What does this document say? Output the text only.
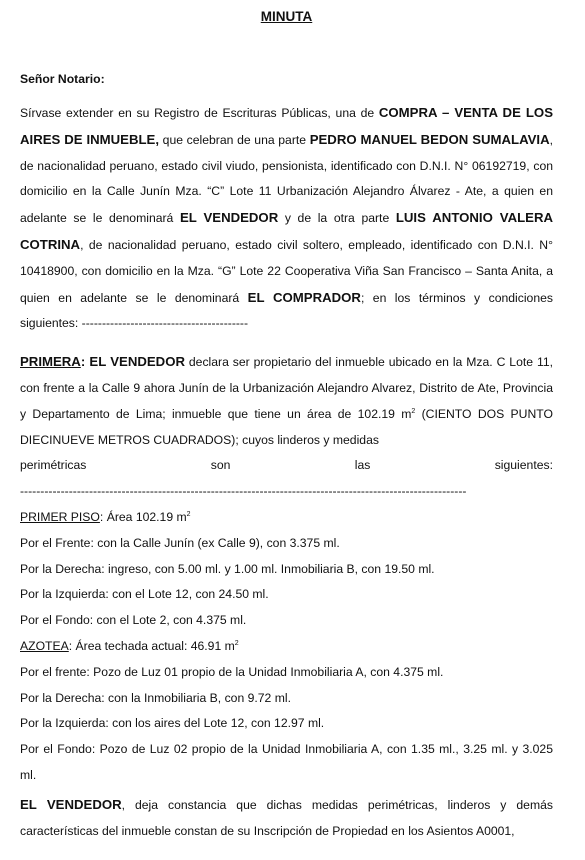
MINUTA
Señor Notario:

Sírvase extender en su Registro de Escrituras Públicas, una de COMPRA – VENTA DE LOS AIRES DE INMUEBLE, que celebran de una parte PEDRO MANUEL BEDON SUMALAVIA, de nacionalidad peruano, estado civil viudo, pensionista, identificado con D.N.I. N° 06192719, con domicilio en la Calle Junín Mza. “C” Lote 11 Urbanización Alejandro Álvarez - Ate, a quien en adelante se le denominará EL VENDEDOR y de la otra parte LUIS ANTONIO VALERA COTRINA, de nacionalidad peruano, estado civil soltero, empleado, identificado con D.N.I. N° 10418900, con domicilio en la Mza. “G” Lote 22 Cooperativa Viña San Francisco – Santa Anita, a quien en adelante se le denominará EL COMPRADOR; en los términos y condiciones siguientes: -----------------------------------------

PRIMERA: EL VENDEDOR declara ser propietario del inmueble ubicado en la Mza. C Lote 11, con frente a la Calle 9 ahora Junín de la Urbanización Alejandro Alvarez, Distrito de Ate, Provincia y Departamento de Lima; inmueble que tiene un área de 102.19 $m^2$ (CIENTO DOS PUNTO DIECINUEVE METROS CUADRADOS); cuyos linderos y medidas

perimétricas	son	las	siguientes:
--------------------------------------------------------------------------------------------------------------

PRIMER PISO: Área 102.19 $m^2$

Por el Frente: con la Calle Junín (ex Calle 9), con 3.375 ml.

Por la Derecha: ingreso, con 5.00 ml. y 1.00 ml. Inmobiliaria B, con 19.50 ml.

Por la Izquierda: con el Lote 12, con 24.50 ml.

Por el Fondo: con el Lote 2, con 4.375 ml.

AZOTEA: Área techada actual: 46.91 $m^2$

Por el frente: Pozo de Luz 01 propio de la Unidad Inmobiliaria A, con 4.375 ml.

Por la Derecha: con la Inmobiliaria B, con 9.72 ml.

Por la Izquierda: con los aires del Lote 12, con 12.97 ml.

Por el Fondo: Pozo de Luz 02 propio de la Unidad Inmobiliaria A, con 1.35 ml., 3.25 ml. y 3.025 ml.

EL VENDEDOR, deja constancia que dichas medidas perimétricas, linderos y demás características del inmueble constan de su Inscripción de Propiedad en los Asientos A0001,
